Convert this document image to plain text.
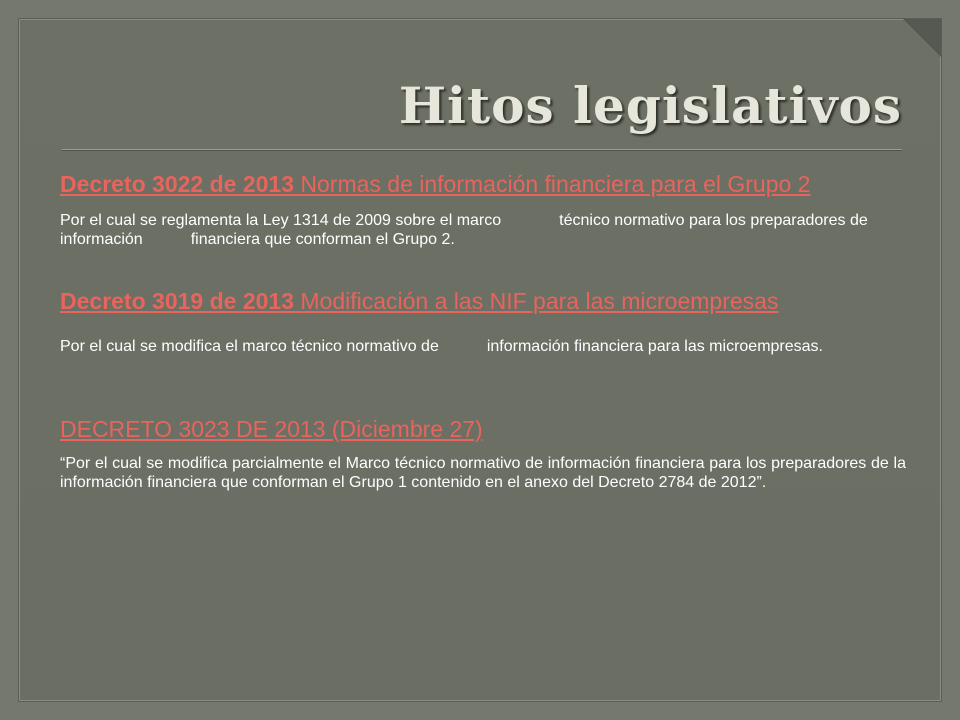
Hitos legislativos

Decreto 3022 de 2013 Normas de información financiera para el Grupo 2

Por el cual se reglamenta la Ley 1314 de 2009 sobre el marco	técnico normativo para los preparadores de información	financiera que conforman el Grupo 2.

Decreto 3019 de 2013 Modificación a las NIF para las microempresas

Por el cual se modifica el marco técnico normativo de	información financiera para las microempresas.

DECRETO 3023 DE 2013 (Diciembre 27)

“Por el cual se modifica parcialmente el Marco técnico normativo de información financiera para los preparadores de la información financiera que conforman el Grupo 1 contenido en el anexo del Decreto 2784 de 2012”.
